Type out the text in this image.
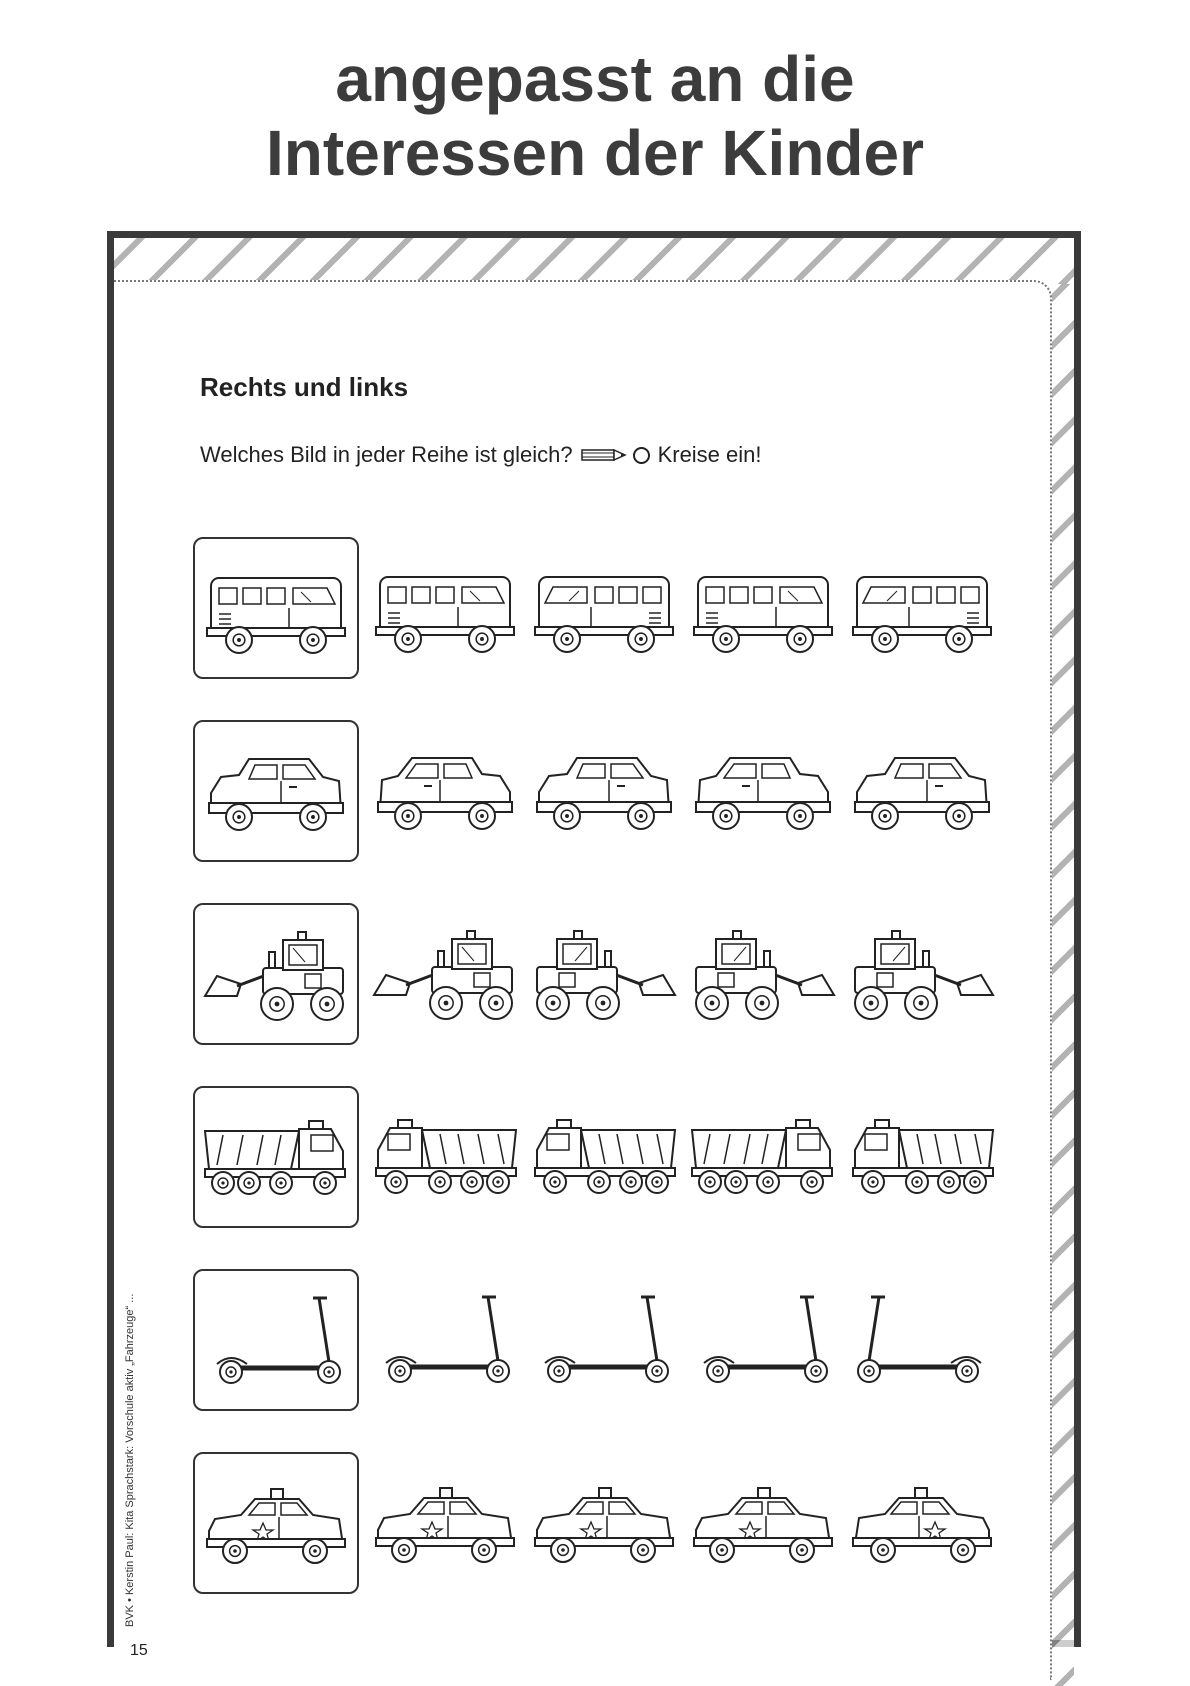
angepasst an die
Interessen der Kinder
Rechts und links
Welches Bild in jeder Reihe ist gleich?	Kreise ein!
BVK • Kerstin Paul: Kita Sprachstark: Vorschule aktiv „Fahrzeuge“ ...
15
